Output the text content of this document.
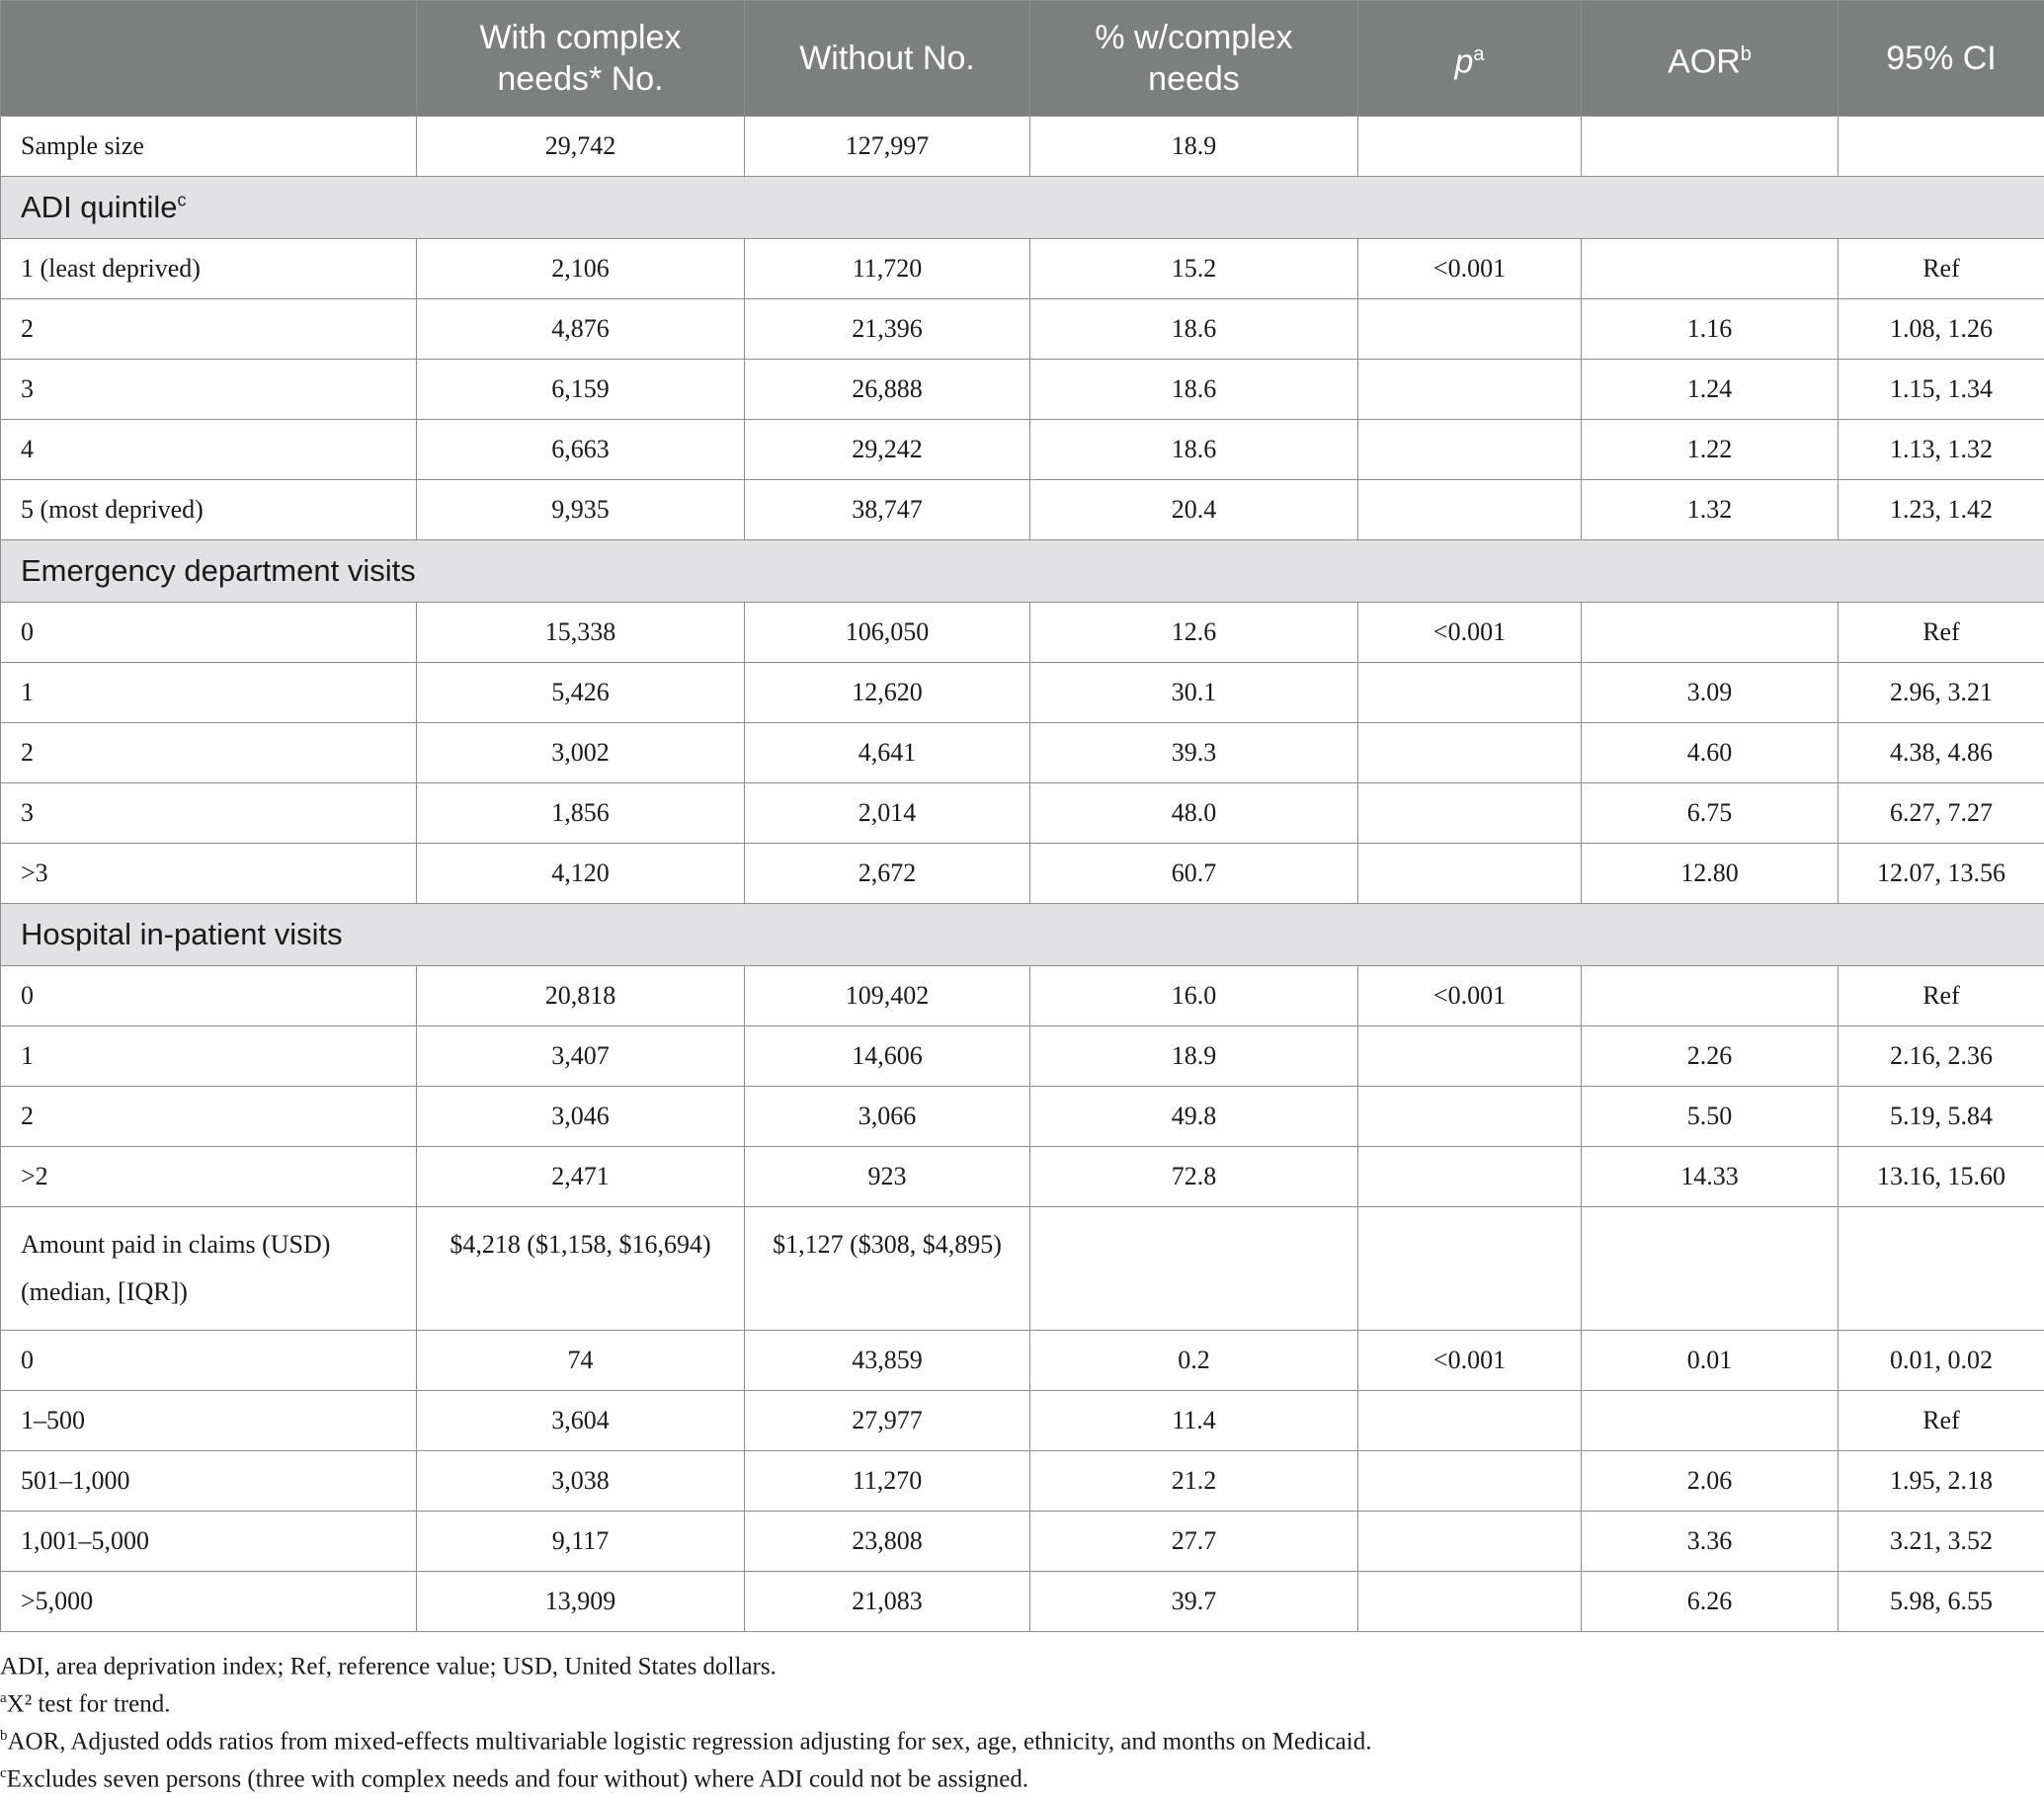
	With complex needs* No.	Without No.	% w/complex needs	$p^a$	AOR$^b$	95% CI
Sample size	29,742	127,997	18.9			
ADI quintile$^c$
1 (least deprived)	2,106	11,720	15.2	<0.001		Ref
2	4,876	21,396	18.6		1.16	1.08, 1.26
3	6,159	26,888	18.6		1.24	1.15, 1.34
4	6,663	29,242	18.6		1.22	1.13, 1.32
5 (most deprived)	9,935	38,747	20.4		1.32	1.23, 1.42
Emergency department visits						
0	15,338	106,050	12.6	<0.001		Ref
1	5,426	12,620	30.1		3.09	2.96, 3.21
2	3,002	4,641	39.3		4.60	4.38, 4.86
3	1,856	2,014	48.0		6.75	6.27, 7.27
>3	4,120	2,672	60.7		12.80	12.07, 13.56
Hospital in-patient visits						
0	20,818	109,402	16.0	<0.001		Ref
1	3,407	14,606	18.9		2.26	2.16, 2.36
2	3,046	3,066	49.8		5.50	5.19, 5.84
>2	2,471	923	72.8		14.33	13.16, 15.60
Amount paid in claims (USD) (median, [IQR])	$4,218 ($1,158, $16,694)	$1,127 ($308, $4,895)				
0	74	43,859	0.2	<0.001	0.01	0.01, 0.02
1–500	3,604	27,977	11.4			Ref
501–1,000	3,038	11,270	21.2		2.06	1.95, 2.18
1,001–5,000	9,117	23,808	27.7		3.36	3.21, 3.52
>5,000	13,909	21,083	39.7		6.26	5.98, 6.55
ADI, area deprivation index; Ref, reference value; USD, United States dollars.
$^a$X² test for trend.
$^b$AOR, Adjusted odds ratios from mixed-effects multivariable logistic regression adjusting for sex, age, ethnicity, and months on Medicaid.
$^c$Excludes seven persons (three with complex needs and four without) where ADI could not be assigned.
